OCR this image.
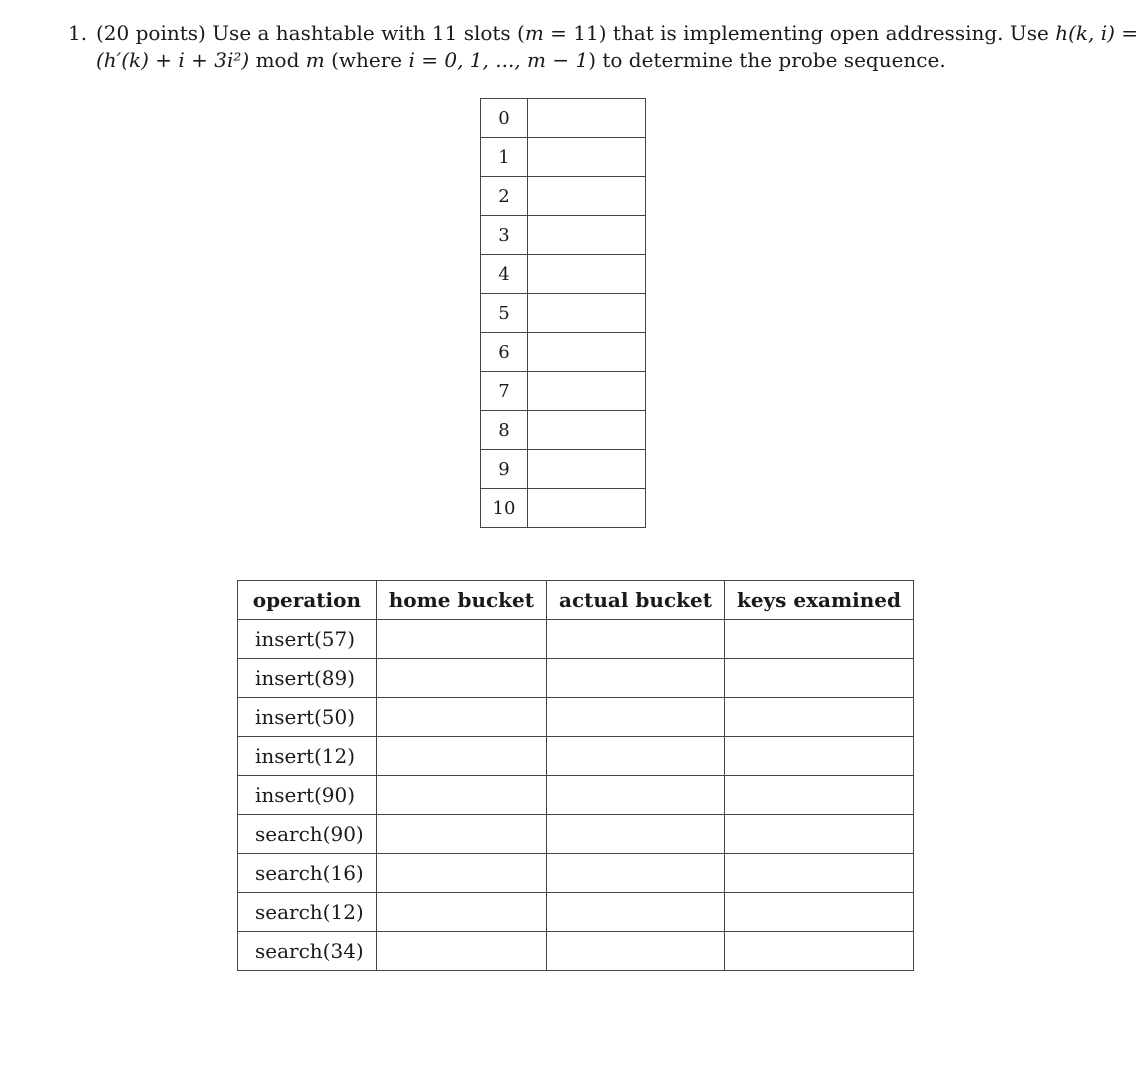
1. (20 points) Use a hashtable with 11 slots (m = 11) that is implementing open addressing. Use h(k, i) =
(h′(k) + i + 3i²) mod m (where i = 0, 1, ..., m − 1) to determine the probe sequence.
0	
1	
2	
3	
4	
5	
6	
7	
8	
9	
10	
operation	home bucket	actual bucket	keys examined
insert(57)			
insert(89)			
insert(50)			
insert(12)			
insert(90)			
search(90)			
search(16)			
search(12)			
search(34)			
